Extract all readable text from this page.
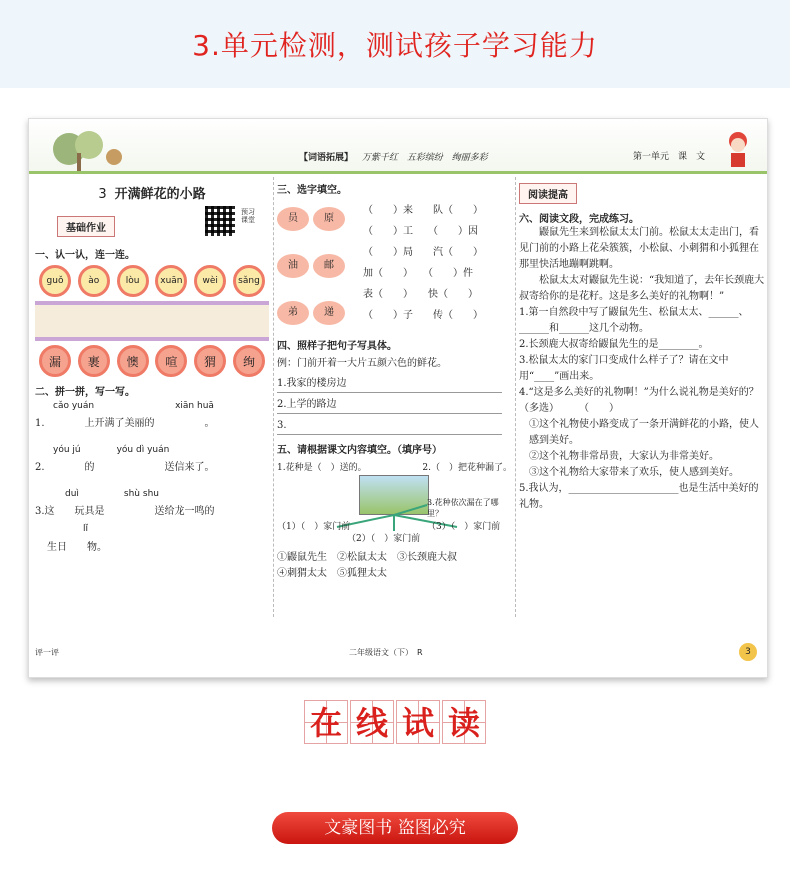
3.单元检测，测试孩子学习能力
【词语拓展】 万紫千红 五彩缤纷 绚丽多彩	第一单元　课　文
3 开满鲜花的小路
基础作业
预习课堂
一、认一认，连一连。
guǒ	ào	lòu	xuān	wèi	sǎng
漏	裹	懊	喧	猬	绚
二、拼一拼，写一写。
cǎo yuán　　　　　　　　　xiān huā
1.　　　　上开满了美丽的　　　　　。
yóu jú　　　　yóu dì yuán
2.　　　　的　　　　　　　送信来了。
duì　　　　　shù shu
3.这　　玩具是　　　　　送给龙一鸣的
lǐ
生日　　物。
三、选字填空。
员	原
油	邮
弟	递
（　　）来　　队（　　）
（　　）工　　（　　）因
（　　）局　　汽（　　）
加（　　）　　（　　）件
表（　　）　　快（　　）
（　　）子　　传（　　）
四、照样子把句子写具体。
例：门前开着一大片五颜六色的鲜花。
1.我家的楼房边
2.上学的路边
3.
五、请根据课文内容填空。（填序号）
1.花种是（　）送的。	2.（　）把花种漏了。
3.花种依次漏在了哪里？
（1）（　）家门前	（3）（　）家门前
（2）（　）家门前
①鼹鼠先生　②松鼠太太　③长颈鹿大叔
④刺猬太太　⑤狐狸太太
阅读提高
六、阅读文段，完成练习。
鼹鼠先生来到松鼠太太门前。松鼠太太走出门，看见门前的小路上花朵簇簇，小松鼠、小刺猬和小狐狸在那里快活地蹦啊跳啊。
松鼠太太对鼹鼠先生说：“我知道了，去年长颈鹿大叔寄给你的是花籽。这是多么美好的礼物啊！”
1.第一自然段中写了鼹鼠先生、松鼠太太、______、______和______这几个动物。
2.长颈鹿大叔寄给鼹鼠先生的是________。
3.松鼠太太的家门口变成什么样子了？请在文中用“____”画出来。
4.“这是多么美好的礼物啊！”为什么说礼物是美好的？（多选）　　　（　　）
①这个礼物使小路变成了一条开满鲜花的小路，使人感到美好。
②这个礼物非常昂贵，大家认为非常美好。
③这个礼物给大家带来了欢乐，使人感到美好。
5.我认为，______________________也是生活中美好的礼物。
评一评	二年级语文（下）　R	3
在 线 试 读
文豪图书 盗图必究
